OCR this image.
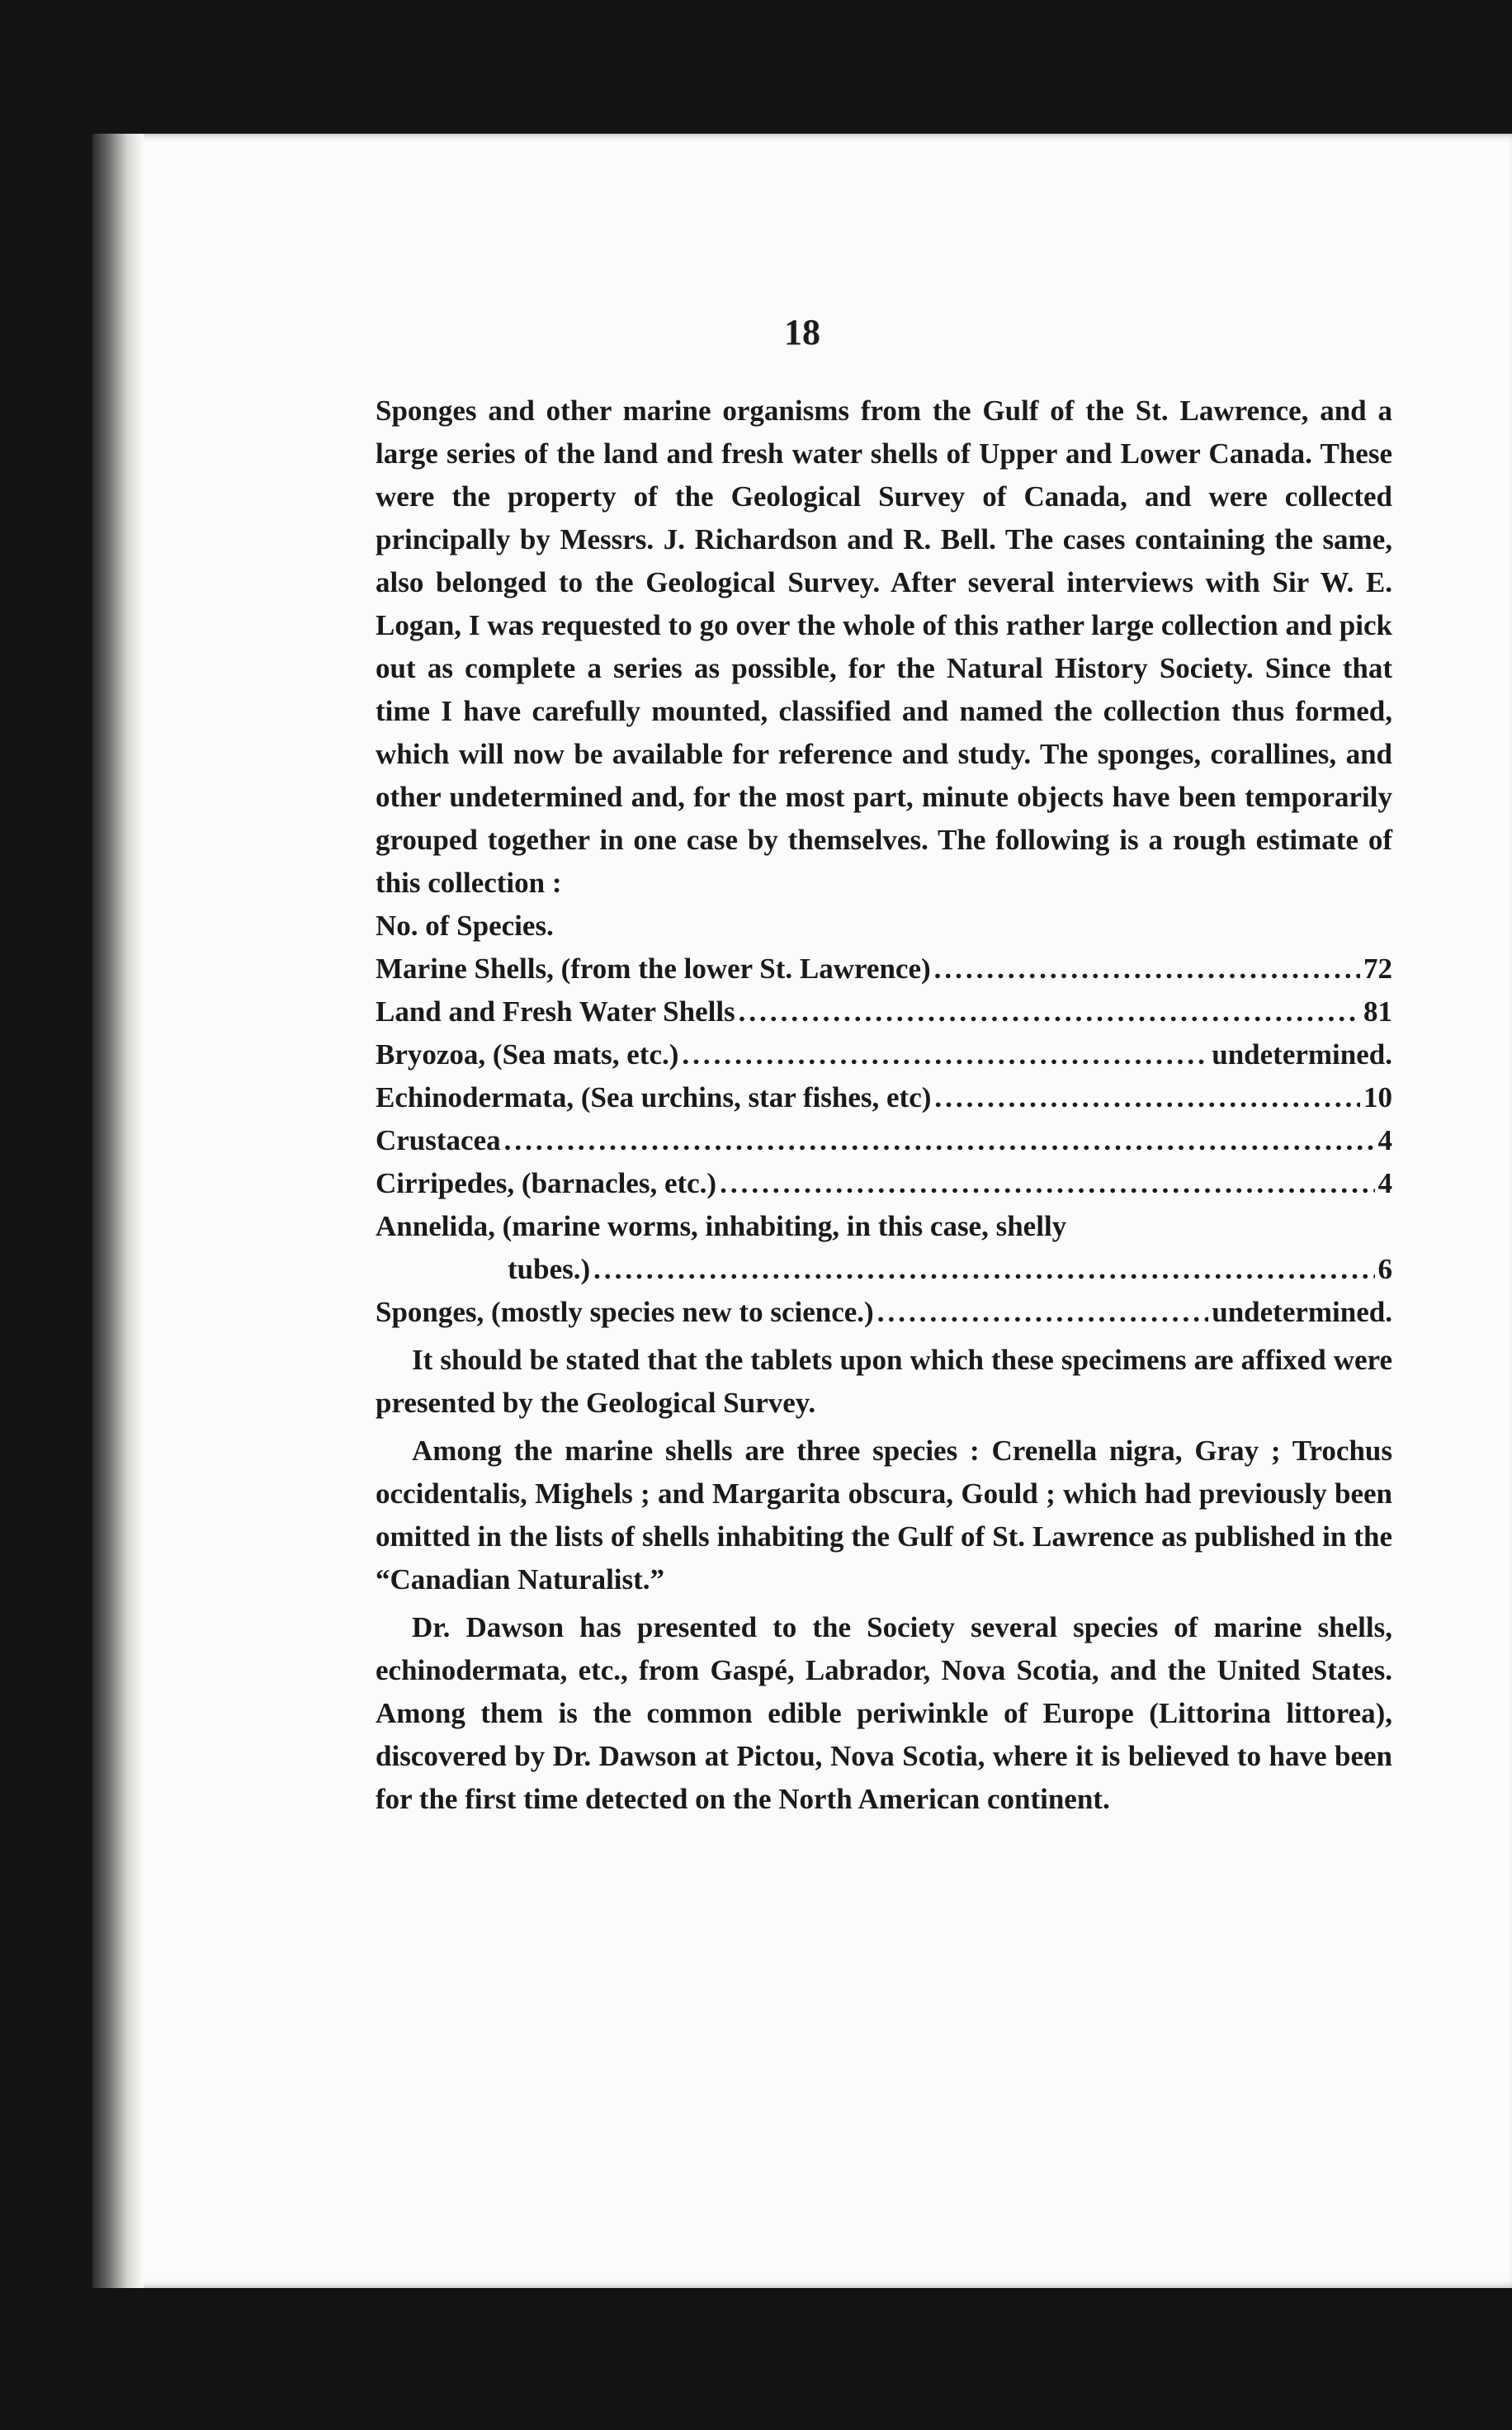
18

Sponges and other marine organisms from the Gulf of the St. Lawrence, and a large series of the land and fresh water shells of Upper and Lower Canada. These were the property of the Geological Survey of Canada, and were collected principally by Messrs. J. Richardson and R. Bell. The cases containing the same, also belonged to the Geological Survey. After several interviews with Sir W. E. Logan, I was requested to go over the whole of this rather large collection and pick out as complete a series as possible, for the Natural History Society. Since that time I have carefully mounted, classified and named the collection thus formed, which will now be available for reference and study. The sponges, corallines, and other undetermined and, for the most part, minute objects have been temporarily grouped together in one case by themselves. The following is a rough estimate of this collection :

No. of Species.

Marine Shells, (from the lower St. Lawrence) .....	72
Land and Fresh Water Shells .....	81
Bryozoa, (Sea mats, etc.) .....	undetermined.
Echinodermata, (Sea urchins, star fishes, etc) .....	10
Crustacea .....	4
Cirripedes, (barnacles, etc.) .....	4
Annelida, (marine worms, inhabiting, in this case, shelly
tubes.) .....	6
Sponges, (mostly species new to science.) .....	undetermined.

It should be stated that the tablets upon which these specimens are affixed were presented by the Geological Survey.

Among the marine shells are three species : Crenella nigra, Gray ; Trochus occidentalis, Mighels ; and Margarita obscura, Gould ; which had previously been omitted in the lists of shells inhabiting the Gulf of St. Lawrence as published in the “Canadian Naturalist.”

Dr. Dawson has presented to the Society several species of marine shells, echinodermata, etc., from Gaspé, Labrador, Nova Scotia, and the United States. Among them is the common edible periwinkle of Europe (Littorina littorea), discovered by Dr. Dawson at Pictou, Nova Scotia, where it is believed to have been for the first time detected on the North American continent.
